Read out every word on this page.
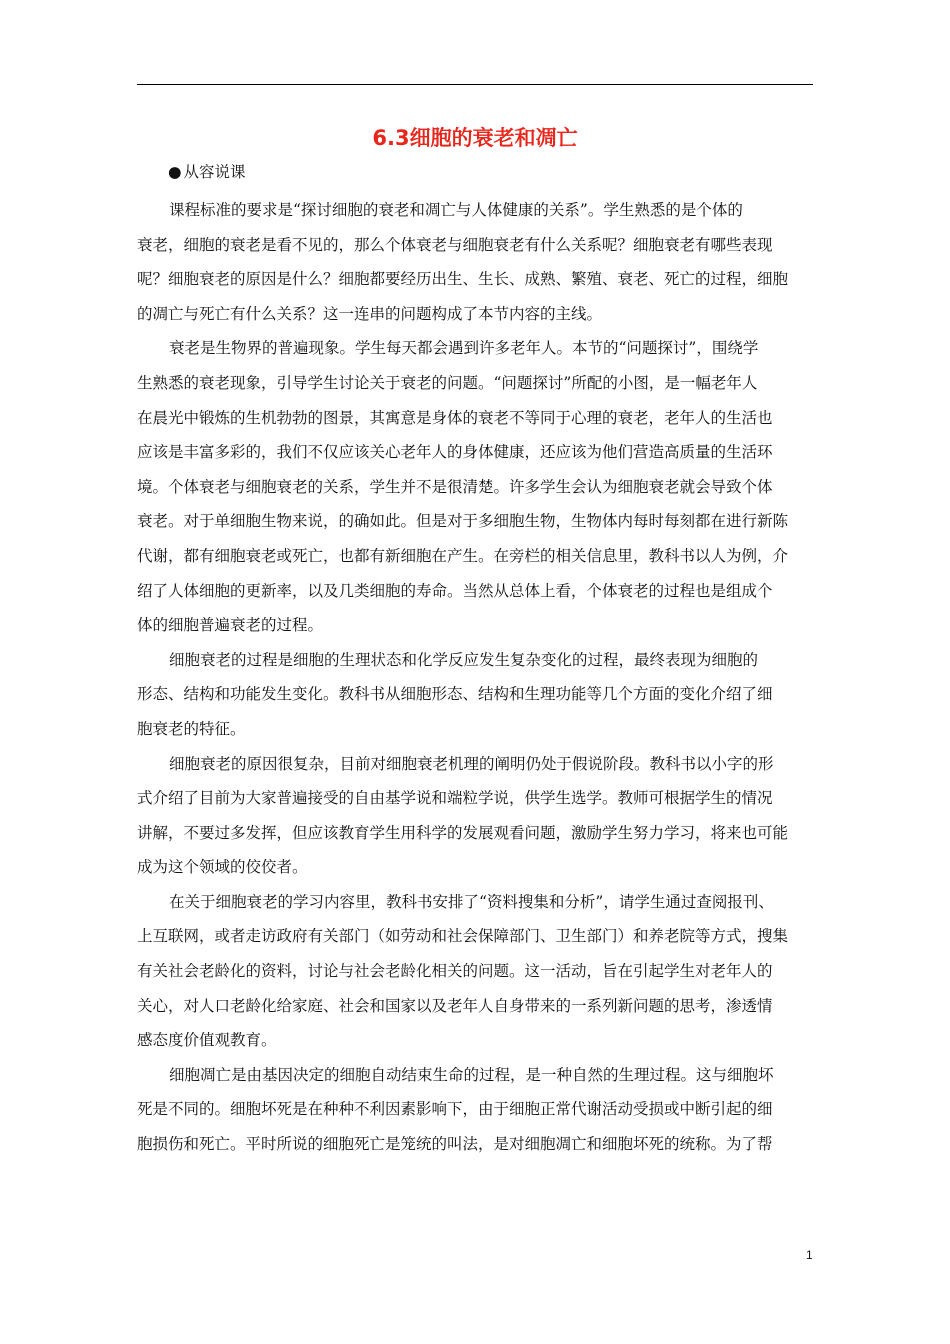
6.3细胞的衰老和凋亡
● 从容说课

课程标准的要求是“探讨细胞的衰老和凋亡与人体健康的关系”。学生熟悉的是个体的
衰老，细胞的衰老是看不见的，那么个体衰老与细胞衰老有什么关系呢？细胞衰老有哪些表现
呢？细胞衰老的原因是什么？细胞都要经历出生、生长、成熟、繁殖、衰老、死亡的过程，细胞
的凋亡与死亡有什么关系？这一连串的问题构成了本节内容的主线。

衰老是生物界的普遍现象。学生每天都会遇到许多老年人。本节的“问题探讨”，围绕学
生熟悉的衰老现象，引导学生讨论关于衰老的问题。“问题探讨”所配的小图，是一幅老年人
在晨光中锻炼的生机勃勃的图景，其寓意是身体的衰老不等同于心理的衰老，老年人的生活也
应该是丰富多彩的，我们不仅应该关心老年人的身体健康，还应该为他们营造高质量的生活环
境。个体衰老与细胞衰老的关系，学生并不是很清楚。许多学生会认为细胞衰老就会导致个体
衰老。对于单细胞生物来说，的确如此。但是对于多细胞生物，生物体内每时每刻都在进行新陈
代谢，都有细胞衰老或死亡，也都有新细胞在产生。在旁栏的相关信息里，教科书以人为例，介
绍了人体细胞的更新率，以及几类细胞的寿命。当然从总体上看，个体衰老的过程也是组成个
体的细胞普遍衰老的过程。

细胞衰老的过程是细胞的生理状态和化学反应发生复杂变化的过程，最终表现为细胞的
形态、结构和功能发生变化。教科书从细胞形态、结构和生理功能等几个方面的变化介绍了细
胞衰老的特征。

细胞衰老的原因很复杂，目前对细胞衰老机理的阐明仍处于假说阶段。教科书以小字的形
式介绍了目前为大家普遍接受的自由基学说和端粒学说，供学生选学。教师可根据学生的情况
讲解，不要过多发挥，但应该教育学生用科学的发展观看问题，激励学生努力学习，将来也可能
成为这个领域的佼佼者。

在关于细胞衰老的学习内容里，教科书安排了“资料搜集和分析”，请学生通过查阅报刊、
上互联网，或者走访政府有关部门（如劳动和社会保障部门、卫生部门）和养老院等方式，搜集
有关社会老龄化的资料，讨论与社会老龄化相关的问题。这一活动，旨在引起学生对老年人的
关心，对人口老龄化给家庭、社会和国家以及老年人自身带来的一系列新问题的思考，渗透情
感态度价值观教育。

细胞凋亡是由基因决定的细胞自动结束生命的过程，是一种自然的生理过程。这与细胞坏
死是不同的。细胞坏死是在种种不利因素影响下，由于细胞正常代谢活动受损或中断引起的细
胞损伤和死亡。平时所说的细胞死亡是笼统的叫法，是对细胞凋亡和细胞坏死的统称。为了帮

1
